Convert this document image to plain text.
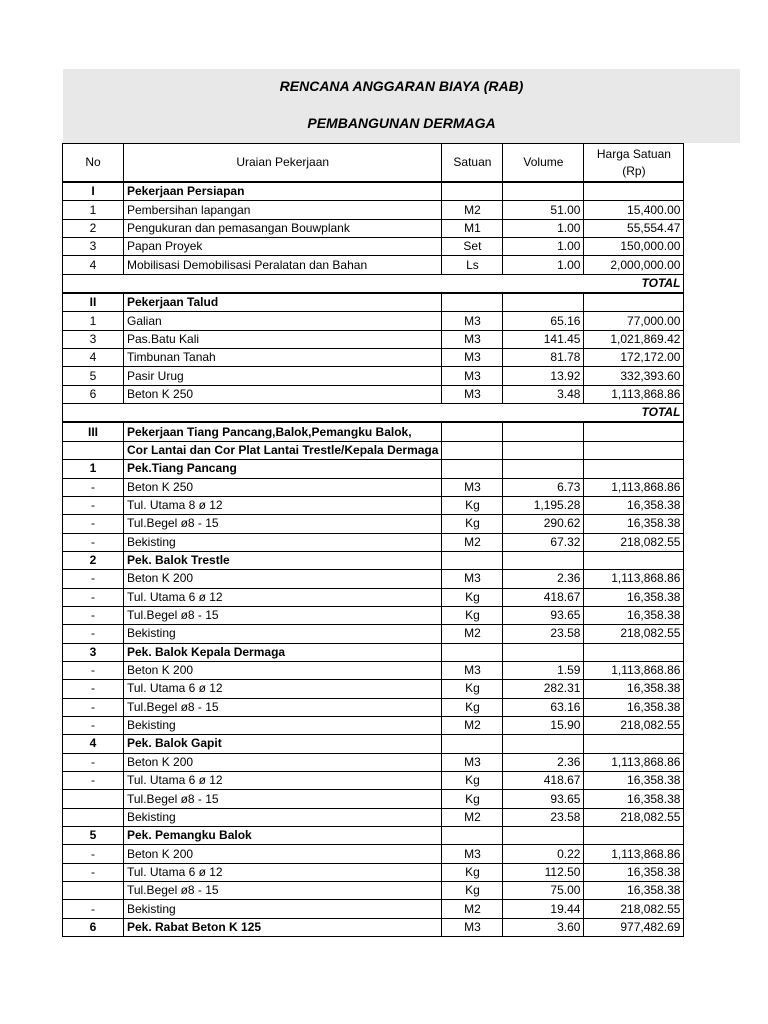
RENCANA ANGGARAN BIAYA (RAB)
PEMBANGUNAN DERMAGA
No	Uraian Pekerjaan	Satuan	Volume	Harga Satuan
(Rp)
I	Pekerjaan Persiapan			
1	Pembersihan lapangan	M2	51.00	15,400.00
2	Pengukuran dan pemasangan Bouwplank	M1	1.00	55,554.47
3	Papan Proyek	Set	1.00	150,000.00
4	Mobilisasi Demobilisasi Peralatan dan Bahan	Ls	1.00	2,000,000.00
TOTAL				
II	Pekerjaan Talud			
1	Galian	M3	65.16	77,000.00
3	Pas.Batu Kali	M3	141.45	1,021,869.42
4	Timbunan Tanah	M3	81.78	172,172.00
5	Pasir Urug	M3	13.92	332,393.60
6	Beton K 250	M3	3.48	1,113,868.86
TOTAL				
III	Pekerjaan Tiang Pancang,Balok,Pemangku Balok,			
	Cor Lantai dan Cor Plat Lantai Trestle/Kepala Dermaga			
1	Pek.Tiang Pancang			
-	Beton K 250	M3	6.73	1,113,868.86
-	Tul. Utama 8 ø 12	Kg	1,195.28	16,358.38
-	Tul.Begel ø8 - 15	Kg	290.62	16,358.38
-	Bekisting	M2	67.32	218,082.55
2	Pek. Balok Trestle			
-	Beton K 200	M3	2.36	1,113,868.86
-	Tul. Utama 6 ø 12	Kg	418.67	16,358.38
-	Tul.Begel ø8 - 15	Kg	93.65	16,358.38
-	Bekisting	M2	23.58	218,082.55
3	Pek. Balok Kepala Dermaga			
-	Beton K 200	M3	1.59	1,113,868.86
-	Tul. Utama 6 ø 12	Kg	282.31	16,358.38
-	Tul.Begel ø8 - 15	Kg	63.16	16,358.38
-	Bekisting	M2	15.90	218,082.55
4	Pek. Balok Gapit			
-	Beton K 200	M3	2.36	1,113,868.86
-	Tul. Utama 6 ø 12	Kg	418.67	16,358.38
	Tul.Begel ø8 - 15	Kg	93.65	16,358.38
	Bekisting	M2	23.58	218,082.55
5	Pek. Pemangku Balok			
-	Beton K 200	M3	0.22	1,113,868.86
-	Tul. Utama 6 ø 12	Kg	112.50	16,358.38
	Tul.Begel ø8 - 15	Kg	75.00	16,358.38
-	Bekisting	M2	19.44	218,082.55
6	Pek. Rabat Beton K 125	M3	3.60	977,482.69
